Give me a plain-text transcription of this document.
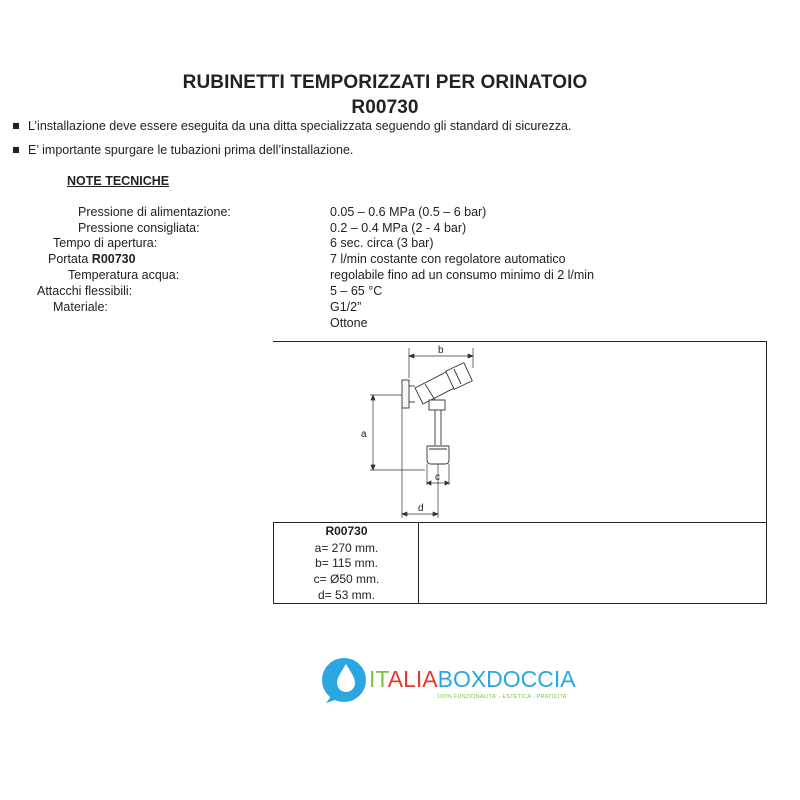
RUBINETTI TEMPORIZZATI PER ORINATOIO
R00730
L’installazione deve essere eseguita da una ditta specializzata seguendo gli standard di sicurezza.
E’ importante spurgare le tubazioni prima dell’installazione.
NOTE TECNICHE
Pressione di alimentazione:
Pressione consigliata:
Tempo di apertura:
Portata R00730
Temperatura acqua:
Attacchi flessibili:
Materiale:
0.05 – 0.6 MPa (0.5 – 6 bar)
0.2 – 0.4 MPa (2 - 4 bar)
6 sec. circa (3 bar)
7 l/min costante con regolatore automatico
regolabile fino ad un consumo minimo di 2 l/min
5 – 65 °C
G1/2”
Ottone
b
a
c
d
R00730
a= 270 mm.
b= 115 mm.
c= Ø50 mm.
d= 53 mm.
ITALIABOXDOCCIA
100% FUNZIONALITA’ - ESTETICA - PRATICITA’
